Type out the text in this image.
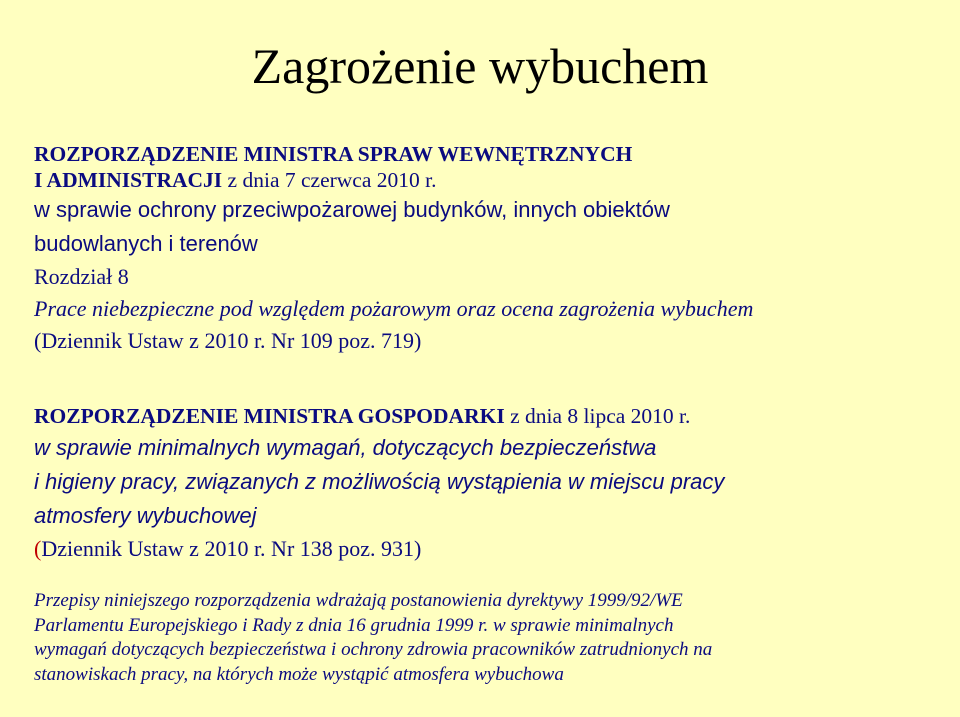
Zagrożenie wybuchem
ROZPORZĄDZENIE MINISTRA SPRAW WEWNĘTRZNYCH
I ADMINISTRACJI z dnia 7 czerwca 2010 r.
w sprawie ochrony przeciwpożarowej budynków, innych obiektów
budowlanych i terenów
Rozdział 8
Prace niebezpieczne pod względem pożarowym oraz ocena zagrożenia wybuchem
(Dziennik Ustaw z 2010 r. Nr 109 poz. 719)
ROZPORZĄDZENIE MINISTRA GOSPODARKI z dnia 8 lipca 2010 r.
w sprawie minimalnych wymagań, dotyczących bezpieczeństwa
i higieny pracy, związanych z możliwością wystąpienia w miejscu pracy
atmosfery wybuchowej
(Dziennik Ustaw z 2010 r. Nr 138 poz. 931)
Przepisy niniejszego rozporządzenia wdrażają postanowienia dyrektywy 1999/92/WE
Parlamentu Europejskiego i Rady z dnia 16 grudnia 1999 r. w sprawie minimalnych
wymagań dotyczących bezpieczeństwa i ochrony zdrowia pracowników zatrudnionych na
stanowiskach pracy, na których może wystąpić atmosfera wybuchowa
